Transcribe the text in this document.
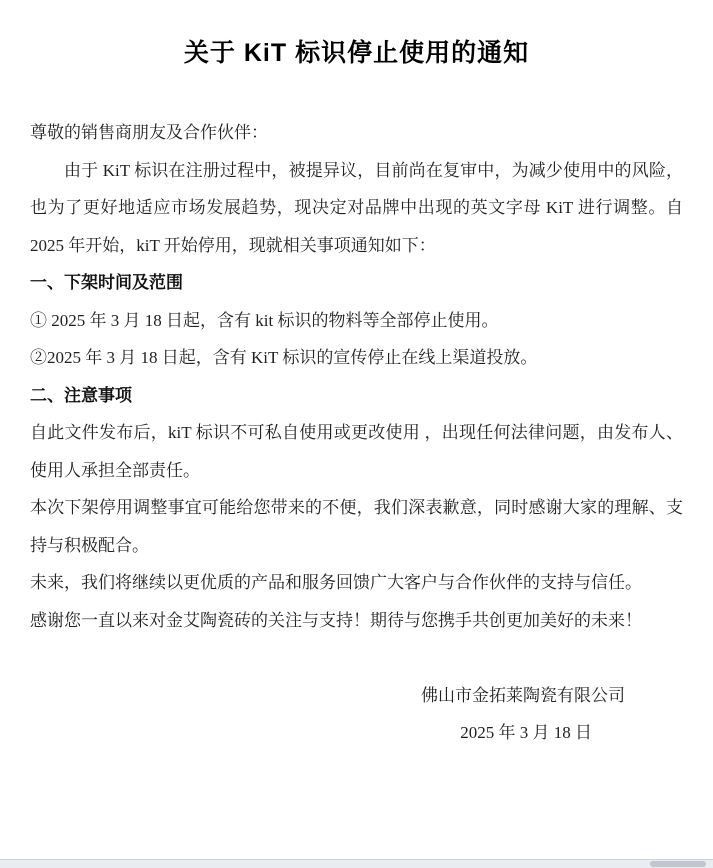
关于 KiT 标识停止使用的通知
尊敬的销售商朋友及合作伙伴：

由于 KiT 标识在注册过程中，被提异议，目前尚在复审中，为减少使用中的风险，也为了更好地适应市场发展趋势，现决定对品牌中出现的英文字母 KiT 进行调整。自 2025 年开始，kiT 开始停用，现就相关事项通知如下：

一、下架时间及范围
① 2025 年 3 月 18 日起，含有 kit 标识的物料等全部停止使用。
②2025 年 3 月 18 日起，含有 KiT 标识的宣传停止在线上渠道投放。
二、注意事项

自此文件发布后，kiT 标识不可私自使用或更改使用 ，出现任何法律问题，由发布人、使用人承担全部责任。

本次下架停用调整事宜可能给您带来的不便，我们深表歉意，同时感谢大家的理解、支持与积极配合。

未来，我们将继续以更优质的产品和服务回馈广大客户与合作伙伴的支持与信任。

感谢您一直以来对金艾陶瓷砖的关注与支持！期待与您携手共创更加美好的未来！

佛山市金拓莱陶瓷有限公司
2025 年 3 月 18 日
